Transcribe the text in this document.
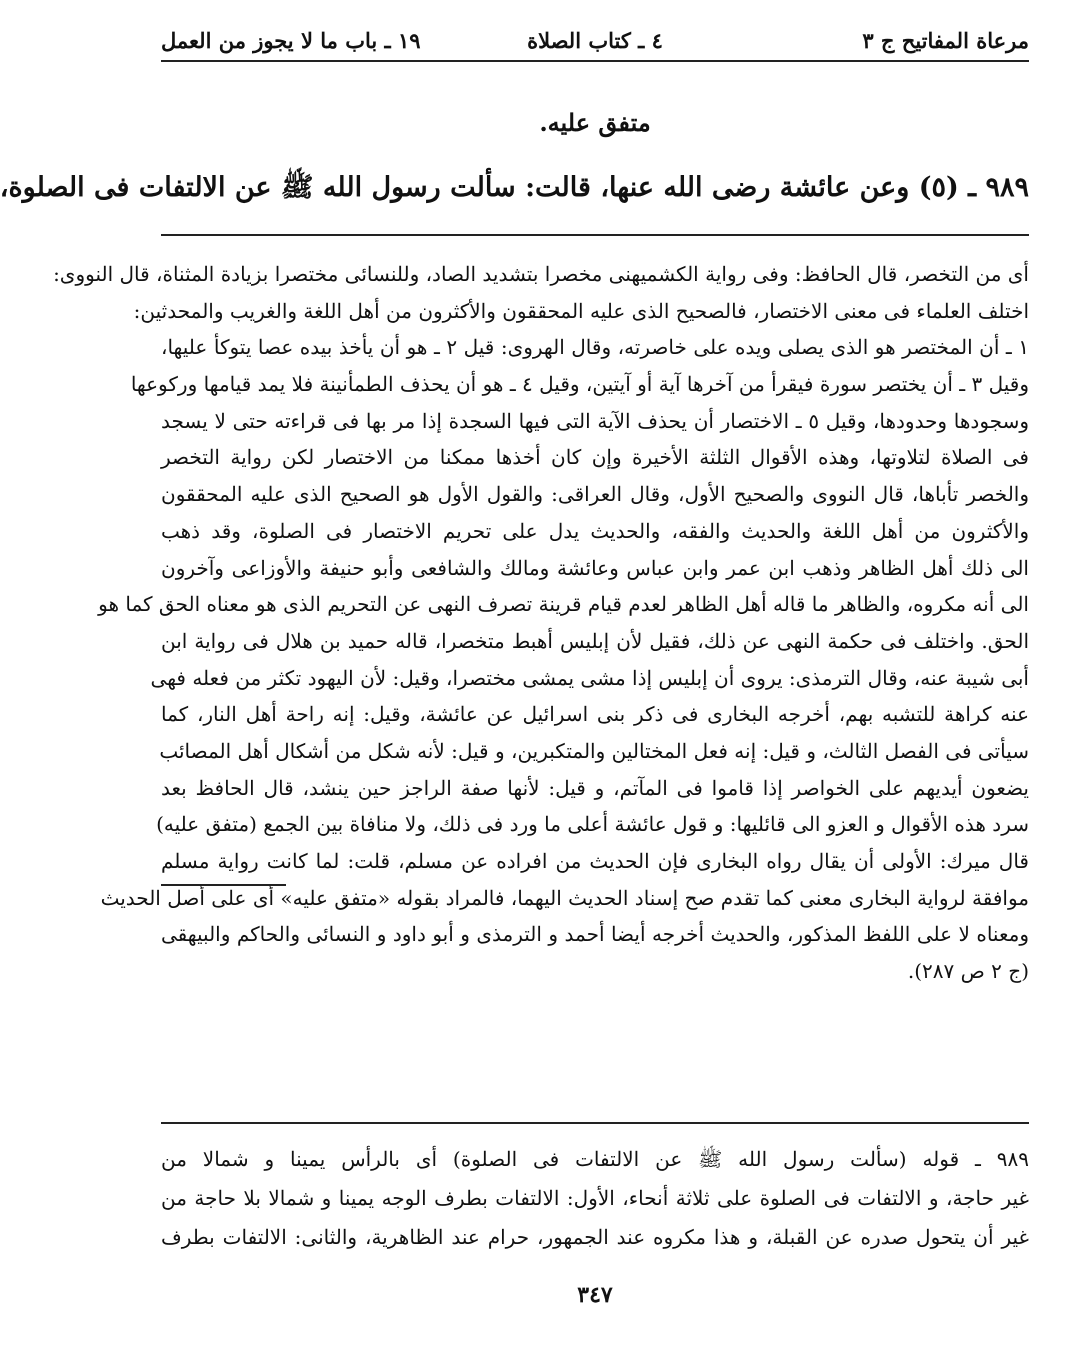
مرعاة المفاتيح ج ٣
٤ ـ كتاب الصلاة
١٩ ـ باب ما لا يجوز من العمل
متفق عليه.
٩٨٩ ـ (٥) وعن عائشة رضى الله عنها، قالت: سألت رسول الله ﷺ عن الالتفات فى الصلوة،
أى من التخصر، قال الحافظ: وفى رواية الكشميهنى مخصرا بتشديد الصاد، وللنسائى مختصرا بزيادة المثناة، قال النووى:
اختلف العلماء فى معنى الاختصار، فالصحيح الذى عليه المحققون والأكثرون من أهل اللغة والغريب والمحدثين:
١ ـ أن المختصر هو الذى يصلى ويده على خاصرته، وقال الهروى: قيل ٢ ـ هو أن يأخذ بيده عصا يتوكأ عليها،
وقيل ٣ ـ أن يختصر سورة فيقرأ من آخرها آية أو آيتين، وقيل ٤ ـ هو أن يحذف الطمأنينة فلا يمد قيامها وركوعها
وسجودها وحدودها، وقيل ٥ ـ الاختصار أن يحذف الآية التى فيها السجدة إذا مر بها فى قراءته حتى لا يسجد
فى الصلاة لتلاوتها، وهذه الأقوال الثلثة الأخيرة وإن كان أخذها ممكنا من الاختصار لكن رواية التخصر
والخصر تأباها، قال النووى والصحيح الأول، وقال العراقى: والقول الأول هو الصحيح الذى عليه المحققون
والأكثرون من أهل اللغة والحديث والفقه، والحديث يدل على تحريم الاختصار فى الصلوة، وقد ذهب
الى ذلك أهل الظاهر وذهب ابن عمر وابن عباس وعائشة ومالك والشافعى وأبو حنيفة والأوزاعى وآخرون
الى أنه مكروه، والظاهر ما قاله أهل الظاهر لعدم قيام قرينة تصرف النهى عن التحريم الذى هو معناه الحق كما هو
الحق. واختلف فى حكمة النهى عن ذلك، فقيل لأن إبليس أهبط متخصرا، قاله حميد بن هلال فى رواية ابن
أبى شيبة عنه، وقال الترمذى: يروى أن إبليس إذا مشى يمشى مختصرا، وقيل: لأن اليهود تكثر من فعله فهى
عنه كراهة للتشبه بهم، أخرجه البخارى فى ذكر بنى اسرائيل عن عائشة، وقيل: إنه راحة أهل النار، كما
سيأتى فى الفصل الثالث، و قيل: إنه فعل المختالين والمتكبرين، و قيل: لأنه شكل من أشكال أهل المصائب
يضعون أيديهم على الخواصر إذا قاموا فى المآتم، و قيل: لأنها صفة الراجز حين ينشد، قال الحافظ بعد
سرد هذه الأقوال و العزو الى قائليها: و قول عائشة أعلى ما ورد فى ذلك، ولا منافاة بين الجمع (متفق عليه)
قال ميرك: الأولى أن يقال رواه البخارى فإن الحديث من افراده عن مسلم، قلت: لما كانت رواية مسلم
موافقة لرواية البخارى معنى كما تقدم صح إسناد الحديث اليهما، فالمراد بقوله «متفق عليه» أى على أصل الحديث
ومعناه لا على اللفظ المذكور، والحديث أخرجه أيضا أحمد و الترمذى و أبو داود و النسائى والحاكم والبيهقى
(ج ٢ ص ٢٨٧).
٩٨٩ ـ قوله (سألت رسول الله ﷺ عن الالتفات فى الصلوة) أى بالرأس يمينا و شمالا من
غير حاجة، و الالتفات فى الصلوة على ثلاثة أنحاء، الأول: الالتفات بطرف الوجه يمينا و شمالا بلا حاجة من
غير أن يتحول صدره عن القبلة، و هذا مكروه عند الجمهور، حرام عند الظاهرية، والثانى: الالتفات بطرف
٣٤٧
